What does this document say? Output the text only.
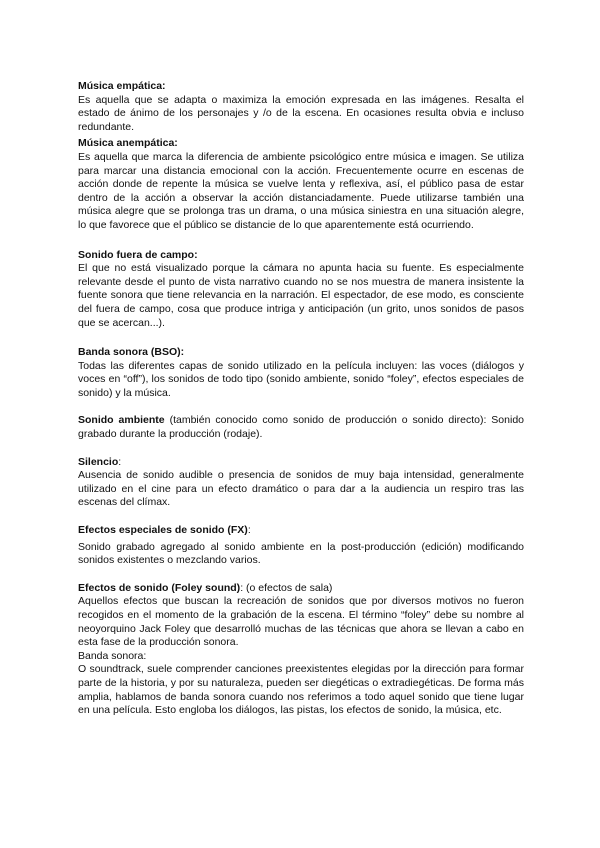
Música empática:

Es aquella que se adapta o maximiza la emoción expresada en las imágenes. Resalta el estado de ánimo de los personajes y /o de la escena. En ocasiones resulta obvia e incluso redundante.

Música anempática:

Es aquella que marca la diferencia de ambiente psicológico entre música e imagen. Se utiliza para marcar una distancia emocional con la acción. Frecuentemente ocurre en escenas de acción donde de repente la música se vuelve lenta y reflexiva, así, el público pasa de estar dentro de la acción a observar la acción distanciadamente. Puede utilizarse también una música alegre que se prolonga tras un drama, o una música siniestra en una situación alegre, lo que favorece que el público se distancie de lo que aparentemente está ocurriendo.

Sonido fuera de campo:

El que no está visualizado porque la cámara no apunta hacia su fuente. Es especialmente relevante desde el punto de vista narrativo cuando no se nos muestra de manera insistente la fuente sonora que tiene relevancia en la narración. El espectador, de ese modo, es consciente del fuera de campo, cosa que produce intriga y anticipación (un grito, unos sonidos de pasos que se acercan...).

Banda sonora (BSO):

Todas las diferentes capas de sonido utilizado en la película incluyen: las voces (diálogos y voces en “off”), los sonidos de todo tipo (sonido ambiente, sonido “foley”, efectos especiales de sonido) y la música.

Sonido ambiente (también conocido como sonido de producción o sonido directo): Sonido grabado durante la producción (rodaje).

Silencio:

Ausencia de sonido audible o presencia de sonidos de muy baja intensidad, generalmente utilizado en el cine para un efecto dramático o para dar a la audiencia un respiro tras las escenas del clímax.

Efectos especiales de sonido (FX):

Sonido grabado agregado al sonido ambiente en la post-producción (edición) modificando sonidos existentes o mezclando varios.

Efectos de sonido (Foley sound): (o efectos de sala)

Aquellos efectos que buscan la recreación de sonidos que por diversos motivos no fueron recogidos en el momento de la grabación de la escena. El término “foley” debe su nombre al neoyorquino Jack Foley que desarrolló muchas de las técnicas que ahora se llevan a cabo en esta fase de la producción sonora.

Banda sonora:

O soundtrack, suele comprender canciones preexistentes elegidas por la dirección para formar parte de la historia, y por su naturaleza, pueden ser diegéticas o extradiegéticas. De forma más amplia, hablamos de banda sonora cuando nos referimos a todo aquel sonido que tiene lugar en una película. Esto engloba los diálogos, las pistas, los efectos de sonido, la música, etc.
